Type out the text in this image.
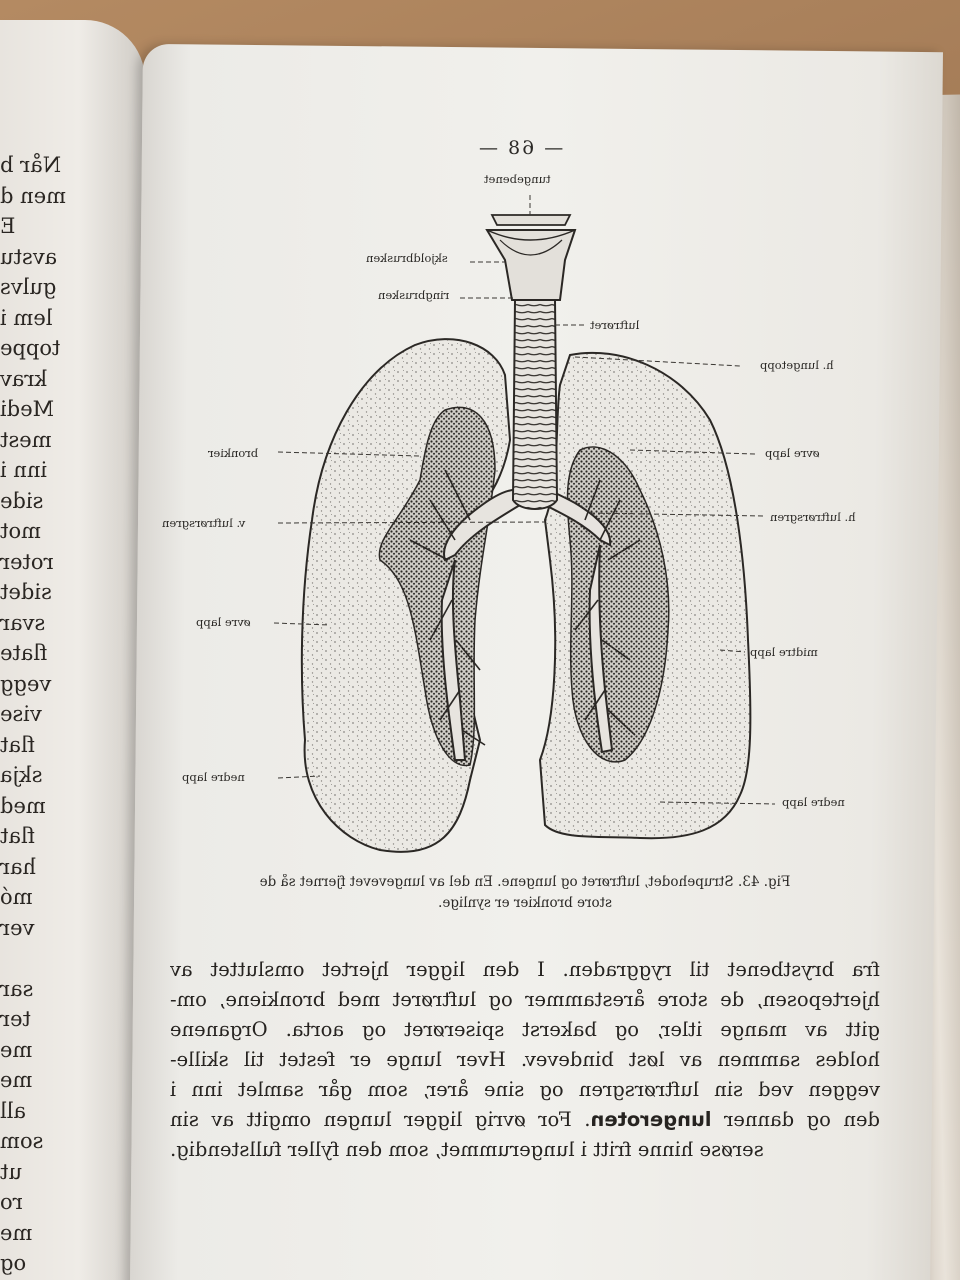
Når b
men d
E
avstu
gulvs
lem i
toppe
krav
Medi
mest
inn i
side
mot
roter
sidet
svar
flate
vegg
vise
flat
skja
med
flat
har
mó
ver
sar
ter
me
me
all
som
ut
ro
me
og
— 68 —
tungebenet
skjoldbrusken
ringbrusken
luftrøret
h. lungetopp
bronkier	øvre lapp
v. luftrørsgren	h. luftrørsgren
øvre lapp
midtre lapp
nedre lapp
nedre lapp
Fig. 43. Strupehodet, luftrøret og lungene. En del av lungevevet fjernet så de
store bronkier er synlige.
fra brystbenet til ryggraden. I den ligger hjertet omsluttet av
hjerteposen, de store årestammer og luftrøret med bronkiene, om-
gitt av mange itler, og bakerst spiserøret og aorta. Organene
holdes sammen av løst bindevev. Hver lunge er festet til skille-
veggen ved sin luftrørsgren og sine årer, som går samlet inn i
den og danner lungeroten. For øvrig ligger lungen omgitt av sin
serøse hinne fritt i lungerummet, som den fyller fullstendig.
